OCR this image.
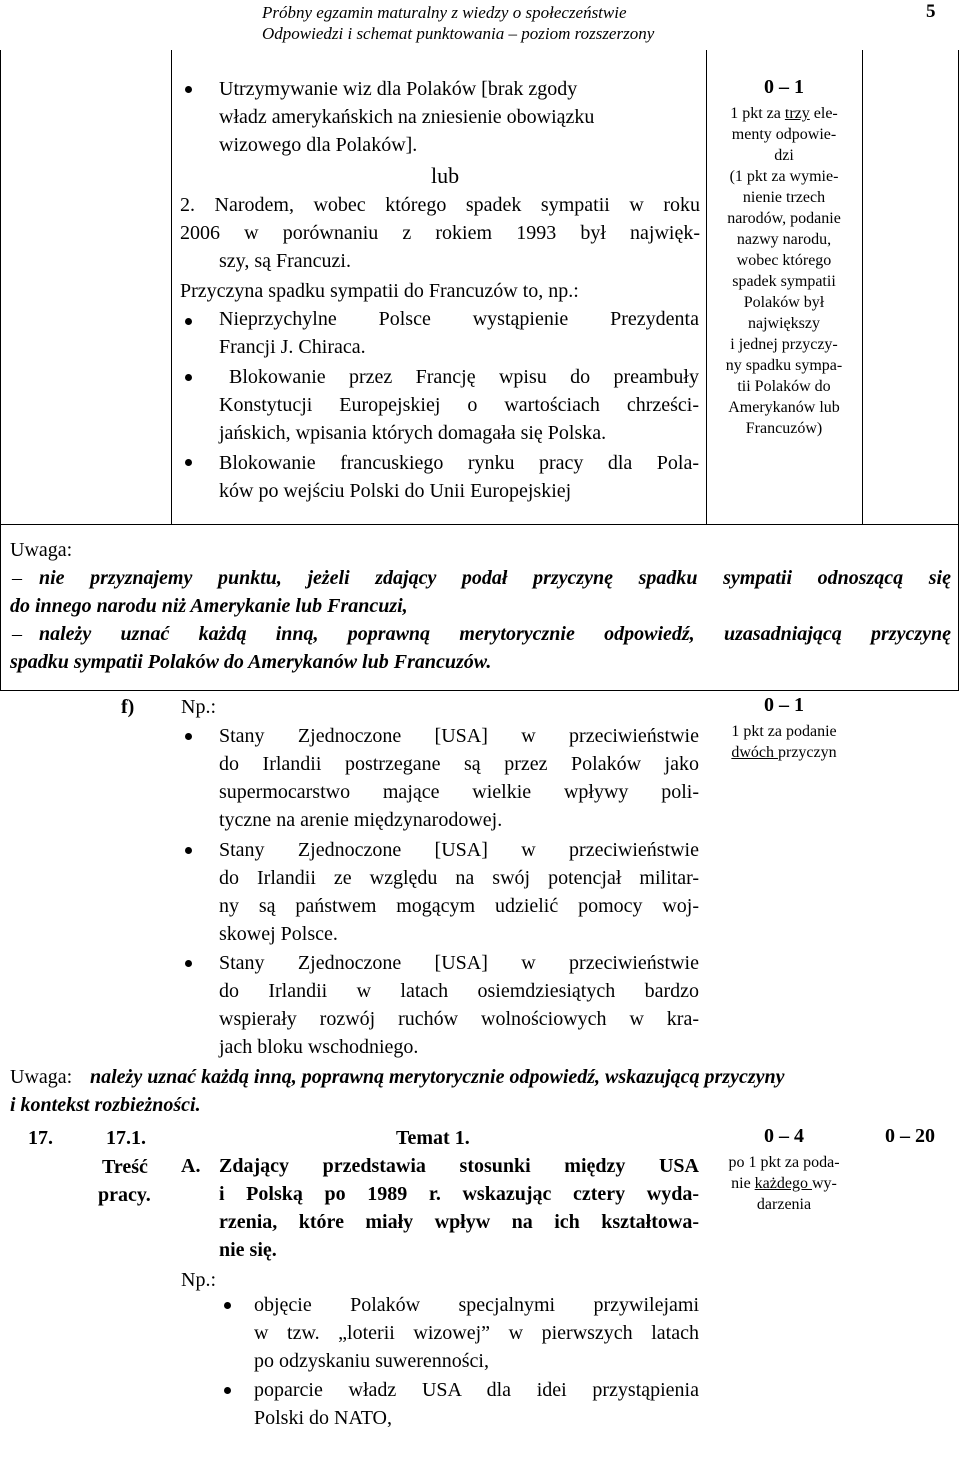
Próbny egzamin maturalny z wiedzy o społeczeństwie
Odpowiedzi i schemat punktowania – poziom rozszerzony
5
Utrzymywanie wiz dla Polaków [brak zgody
władz amerykańskich na zniesienie obowiązku
wizowego dla Polaków].
lub
2. Narodem, wobec którego spadek sympatii w roku
2006 w porównaniu z rokiem 1993 był najwięk-
szy, są Francuzi.
Przyczyna spadku sympatii do Francuzów to, np.:
Nieprzychylne Polsce wystąpienie Prezydenta
Francji J. Chiraca.
Blokowanie przez Francję wpisu do preambuły
Konstytucji Europejskiej o wartościach chrześci-
jańskich, wpisania których domagała się Polska.
Blokowanie francuskiego rynku pracy dla Pola-
ków po wejściu Polski do Unii Europejskiej
0 – 1
1 pkt za trzy ele-
menty odpowie-
dzi
(1 pkt za wymie-
nienie trzech
narodów, podanie
nazwy narodu,
wobec którego
spadek sympatii
Polaków był
największy
i jednej przyczy-
ny spadku sympa-
tii Polaków do
Amerykanów lub
Francuzów)
Uwaga:
– nie przyznajemy punktu, jeżeli zdający podał przyczynę spadku sympatii odnoszącą się
do innego narodu niż Amerykanie lub Francuzi,
– należy uznać każdą inną, poprawną merytorycznie odpowiedź, uzasadniającą przyczynę
spadku sympatii Polaków do Amerykanów lub Francuzów.
f) Np.:
Stany Zjednoczone [USA] w przeciwieństwie
do Irlandii postrzegane są przez Polaków jako
supermocarstwo mające wielkie wpływy poli-
tyczne na arenie międzynarodowej.
Stany Zjednoczone [USA] w przeciwieństwie
do Irlandii ze względu na swój potencjał militar-
ny są państwem mogącym udzielić pomocy woj-
skowej Polsce.
Stany Zjednoczone [USA] w przeciwieństwie
do Irlandii w latach osiemdziesiątych bardzo
wspierały rozwój ruchów wolnościowych w kra-
jach bloku wschodniego.
0 – 1
1 pkt za podanie
dwóch przyczyn
Uwaga: należy uznać każdą inną, poprawną merytorycznie odpowiedź, wskazującą przyczyny
i kontekst rozbieżności.
17.	17.1.
Treść
pracy.
Temat 1.
A. Zdający przedstawia stosunki między USA
i Polską po 1989 r. wskazując cztery wyda-
rzenia, które miały wpływ na ich kształtowa-
nie się.
Np.:
objęcie Polaków specjalnymi przywilejami
w tzw. „loterii wizowej” w pierwszych latach
po odzyskaniu suwerenności,
poparcie władz USA dla idei przystąpienia
Polski do NATO,
0 – 4
po 1 pkt za poda-
nie każdego wy-
darzenia
0 – 20
